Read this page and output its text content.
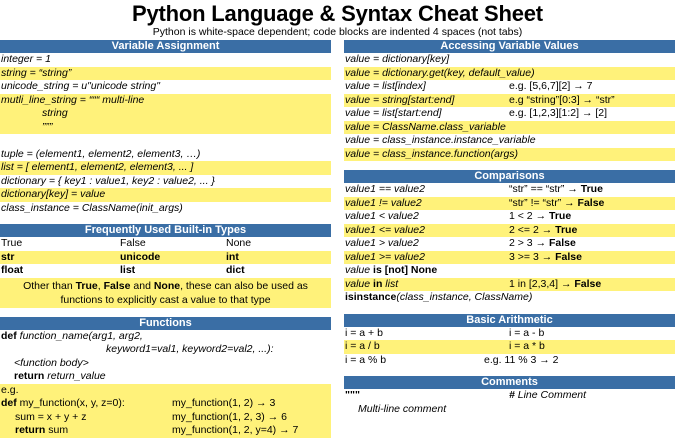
Python Language & Syntax Cheat Sheet
Python is white-space dependent; code blocks are indented 4 spaces (not tabs)
Variable Assignment
integer = 1
string = “string”
unicode_string = u"unicode string"
mutli_line_string = “““ multi-line
string
”””
tuple = (element1, element2, element3, …)
list = [ element1, element2, element3, ... ]
dictionary = { key1 : value1, key2 : value2, ... }
dictionary[key] = value
class_instance = ClassName(init_args)
Frequently Used Built-in Types
True	False	None
str	unicode	int
float	list	dict
Other than True, False and None, these can also be used as functions to explicitly cast a value to that type
Functions
def function_name(arg1, arg2,
keyword1=val1, keyword2=val2, ...):
<function body>
return return_value
e.g.
def my_function(x, y, z=0):	my_function(1, 2) → 3
sum = x + y + z	my_function(1, 2, 3) → 6
return sum	my_function(1, 2, y=4) → 7
Accessing Variable Values
value = dictionary[key]
value = dictionary.get(key, default_value)
value = list[index]	e.g. [5,6,7][2] → 7
value = string[start:end]	e.g “string”[0:3] → “str”
value = list[start:end]	e.g. [1,2,3][1:2] → [2]
value = ClassName.class_variable
value = class_instance.instance_variable
value = class_instance.function(args)
Comparisons
value1 == value2	“str” == “str” → True
value1 != value2	“str” != “str” → False
value1 < value2	1 < 2 → True
value1 <= value2	2 <= 2 → True
value1 > value2	2 > 3 → False
value1 >= value2	3 >= 3 → False
value is [not] None
value in list	1 in [2,3,4] → False
isinstance(class_instance, ClassName)
Basic Arithmetic
i = a + b	i = a - b
i = a / b	i = a * b
i = a % b	e.g. 11 % 3 → 2
Comments
"""	# Line Comment
Multi-line comment
